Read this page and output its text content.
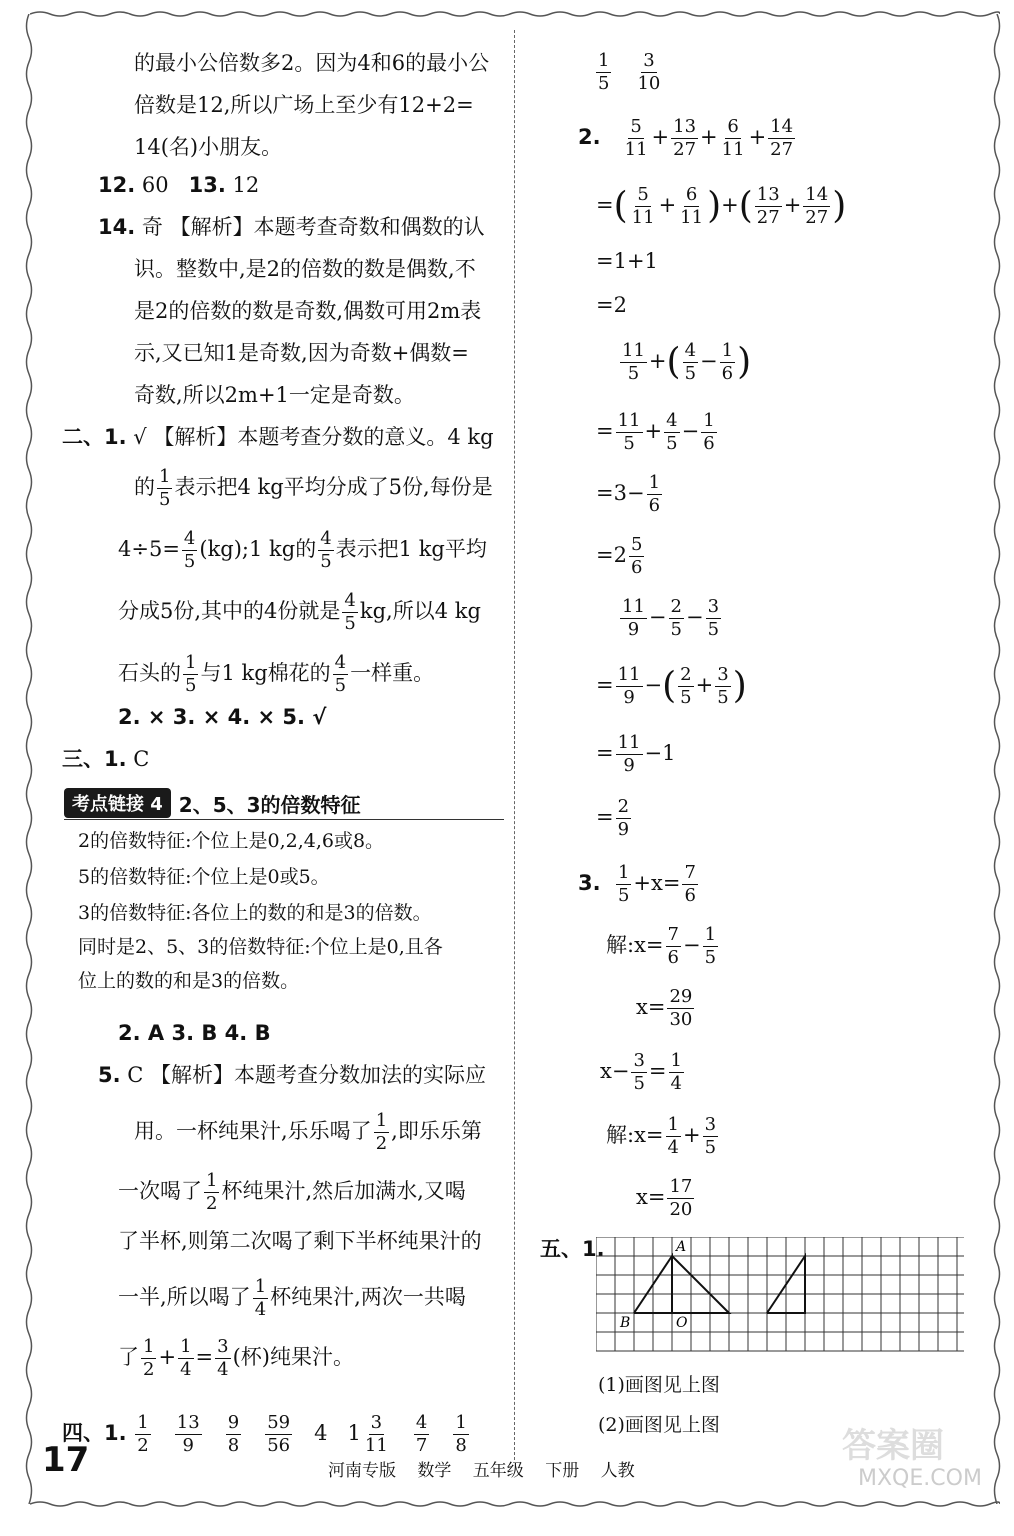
的最小公倍数多2。因为4和6的最小公
倍数是12,所以广场上至少有12+2=
14(名)小朋友。
12. 60 13. 12
14. 奇 【解析】本题考查奇数和偶数的认
识。整数中,是2的倍数的数是偶数,不
是2的倍数的数是奇数,偶数可用2m表
示,又已知1是奇数,因为奇数+偶数=
奇数,所以2m+1一定是奇数。
二、1. √ 【解析】本题考查分数的意义。4 kg
的 $\frac{1}{5}$ 表示把4 kg平均分成了5份,每份是
$4\div 5= \frac{4}{5}$ (kg);1 kg的 $\frac{4}{5}$ 表示把1 kg平均
分成5份,其中的4份就是 $\frac{4}{5}$ kg,所以4 kg
石头的 $\frac{1}{5}$ 与1 kg棉花的 $\frac{4}{5}$ 一样重。
2. × 3. × 4. × 5. √
三、1. C
考点链接 4 2、5、3的倍数特征
2的倍数特征:个位上是0,2,4,6或8。
5的倍数特征:个位上是0或5。
3的倍数特征:各位上的数的和是3的倍数。
同时是2、5、3的倍数特征:个位上是0,且各
位上的数的和是3的倍数。
2. A 3. B 4. B
5. C 【解析】本题考查分数加法的实际应
用。一杯纯果汁,乐乐喝了 $\frac{1}{2}$ ,即乐乐第
一次喝了 $\frac{1}{2}$ 杯纯果汁,然后加满水,又喝
了半杯,则第二次喝了剩下半杯纯果汁的
一半,所以喝了 $\frac{1}{4}$ 杯纯果汁,两次一共喝
了 $\frac{1}{2} + \frac{1}{4} = \frac{3}{4}$ (杯)纯果汁。
四、1. $\frac{1}{2}$
$\frac{13}{9}$
$\frac{9}{8}$
$\frac{59}{56} 4$ $1 \frac{3}{11}$
$\frac{4}{7}$
$\frac{1}{8}$
$\frac{1}{5}$
$\frac{3}{10}$
2. $\frac{5}{11} + \frac{13}{27} + \frac{6}{11} + \frac{14}{27}$
=( $\frac{5}{11} + \frac{6}{11}$ )+( $\frac{13}{27} + \frac{14}{27}$ )
=1+1
=2
$\frac{11}{5}$ +( $\frac{4}{5} - \frac{1}{6}$ )
= $\frac{11}{5} + \frac{4}{5} - \frac{1}{6}$
$=3- \frac{1}{6}$
$=2 \frac{5}{6}$
$\frac{11}{9} - \frac{2}{5} - \frac{3}{5}$
= $\frac{11}{9}$ −( $\frac{2}{5} + \frac{3}{5}$ )
= $\frac{11}{9} -1$
= $\frac{2}{9}$
3. $\frac{1}{5} +x= \frac{7}{6}$
解:x= $\frac{7}{6} - \frac{1}{5}$
$x= \frac{29}{30}$
$x- \frac{3}{5} = \frac{1}{4}$
解:x= $\frac{1}{4} + \frac{3}{5}$
$x= \frac{17}{20}$
五、1.	A
B	O
(1)画图见上图
(2)画图见上图
17	河南专版 数学 五年级 下册 人教
答案圈
MXQE.COM
